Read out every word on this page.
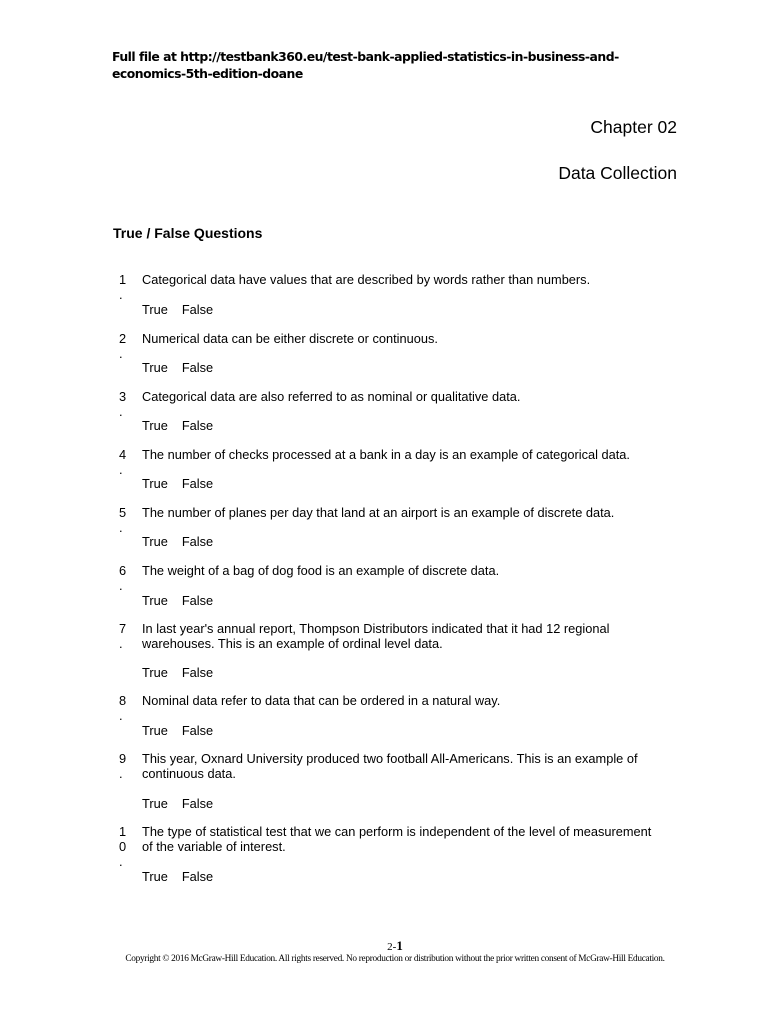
Full file at http://testbank360.eu/test-bank-applied-statistics-in-business-and-economics-5th-edition-doane
Chapter 02
Data Collection
True / False Questions
1
.
Categorical data have values that are described by words rather than numbers.
True False
2
.
Numerical data can be either discrete or continuous.
True False
3
.
Categorical data are also referred to as nominal or qualitative data.
True False
4
.
The number of checks processed at a bank in a day is an example of categorical data.
True False
5
.
The number of planes per day that land at an airport is an example of discrete data.
True False
6
.
The weight of a bag of dog food is an example of discrete data.
True False
7
.
In last year's annual report, Thompson Distributors indicated that it had 12 regional warehouses. This is an example of ordinal level data.
True False
8
.
Nominal data refer to data that can be ordered in a natural way.
True False
9
.
This year, Oxnard University produced two football All-Americans. This is an example of continuous data.
True False
10
.
The type of statistical test that we can perform is independent of the level of measurement of the variable of interest.
True False
2-1
Copyright © 2016 McGraw-Hill Education. All rights reserved. No reproduction or distribution without the prior written consent of McGraw-Hill Education.
